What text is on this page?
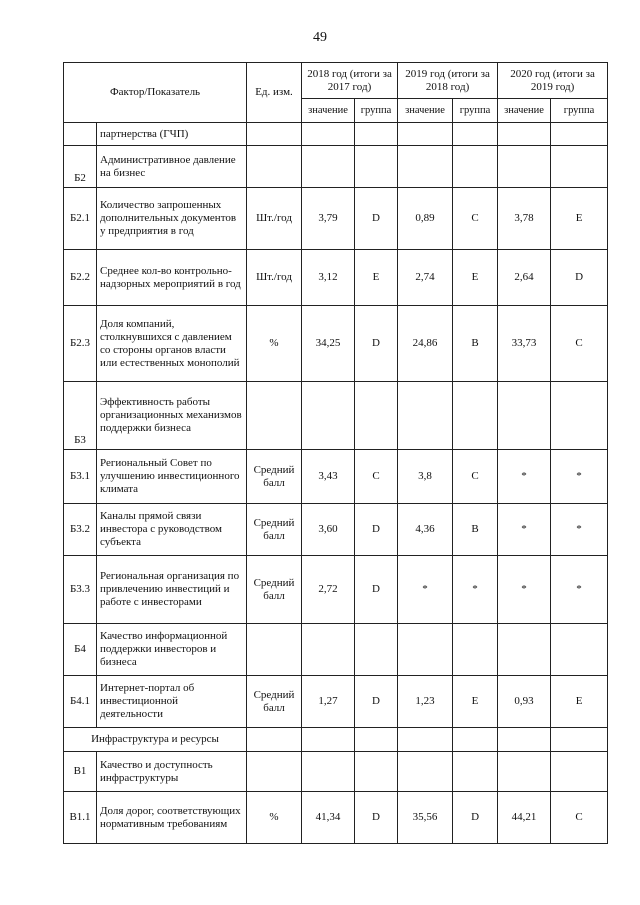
49
Фактор/Показатель		Ед. изм.	2018 год (итоги за 2017 год)		2019 год (итоги за 2018 год)		2020 год (итоги за 2019 год)	
			значение	группа	значение	группа	значение	группа
	партнерства (ГЧП)							
Б2	Административное давление на бизнес							
Б2.1	Количество запрошенных дополнительных документов у предприятия в год	Шт./год	3,79	D	0,89	C	3,78	E
Б2.2	Среднее кол-во контрольно-надзорных мероприятий в год	Шт./год	3,12	E	2,74	E	2,64	D
Б2.3	Доля компаний, столкнувшихся с давлением со стороны органов власти или естественных монополий	%	34,25	D	24,86	B	33,73	C
Б3	Эффективность работы организационных механизмов поддержки бизнеса							
Б3.1	Региональный Совет по улучшению инвестиционного климата	Средний балл	3,43	C	3,8	C	*	*
Б3.2	Каналы прямой связи инвестора с руководством субъекта	Средний балл	3,60	D	4,36	B	*	*
Б3.3	Региональная организация по привлечению инвестиций и работе с инвесторами	Средний балл	2,72	D	*	*	*	*
Б4	Качество информационной поддержки инвесторов и бизнеса							
Б4.1	Интернет-портал об инвестиционной деятельности	Средний балл	1,27	D	1,23	E	0,93	E
Инфраструктура и ресурсы								
В1	Качество и доступность инфраструктуры							
В1.1	Доля дорог, соответствующих нормативным требованиям	%	41,34	D	35,56	D	44,21	C
